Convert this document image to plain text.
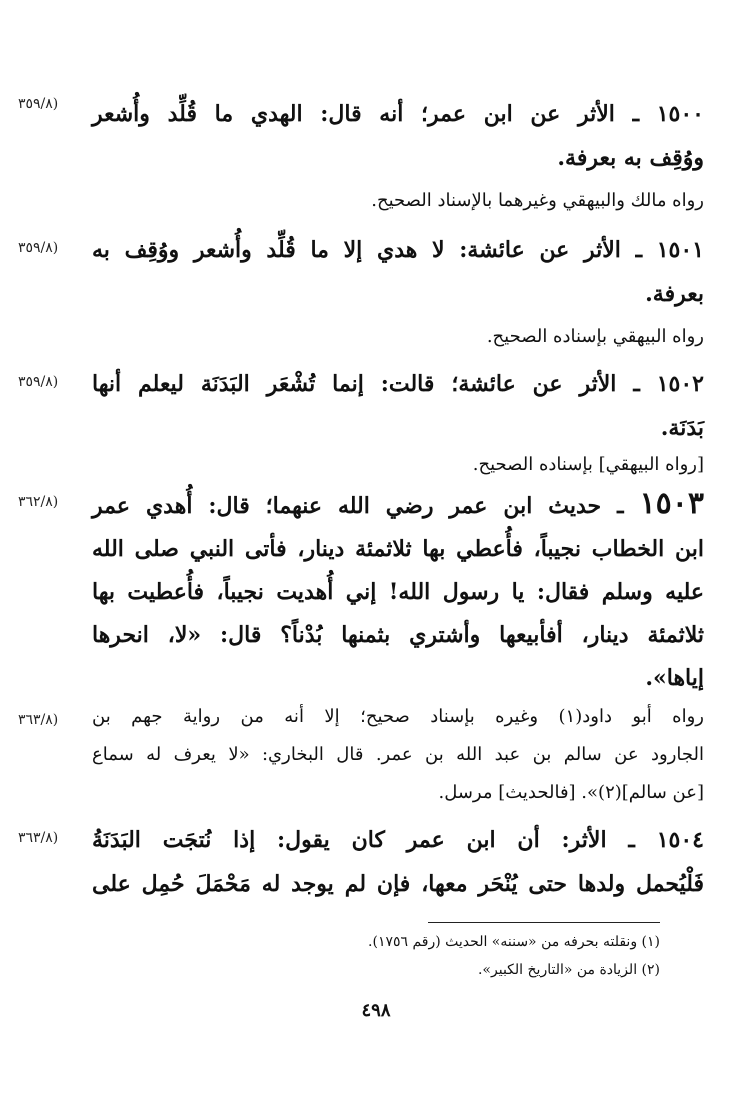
(٣٥٩/٨	١٥٠٠ ـ الأثر عن ابن عمر؛ أنه قال: الهدي ما قُلِّد وأُشعر
ووُقِف به بعرفة.
رواه مالك والبيهقي وغيرهما بالإسناد الصحيح.
(٣٥٩/٨	١٥٠١ ـ الأثر عن عائشة: لا هدي إلا ما قُلِّد وأُشعر ووُقِف به
بعرفة.
رواه البيهقي بإسناده الصحيح.
(٣٥٩/٨	١٥٠٢ ـ الأثر عن عائشة؛ قالت: إنما تُشْعَر البَدَنَة ليعلم أنها
بَدَنَة.
[رواه البيهقي] بإسناده الصحيح.
(٣٦٢/٨	١٥٠٣ ـ حديث ابن عمر رضي الله عنهما؛ قال: أُهدي عمر
ابن الخطاب نجيباً، فأُعطي بها ثلاثمئة دينار، فأتى النبي صلى الله
عليه وسلم فقال: يا رسول الله! إني أُهديت نجيباً، فأُعطيت بها
ثلاثمئة دينار، أفأبيعها وأشتري بثمنها بُدْناً؟ قال: «لا، انحرها
إياها».
(٣٦٣/٨	رواه أبو داود(١) وغيره بإسناد صحيح؛ إلا أنه من رواية جهم بن
الجارود عن سالم بن عبد الله بن عمر. قال البخاري: «لا يعرف له سماع
[عن سالم](٢)». [فالحديث] مرسل.
(٣٦٣/٨	١٥٠٤ ـ الأثر: أن ابن عمر كان يقول: إذا نُتجَت البَدَنَةُ
فَلْيُحمل ولدها حتى يُنْحَر معها، فإن لم يوجد له مَحْمَلَ حُمِل على
(١) ونقلته بحرفه من «سننه» الحديث (رقم ١٧٥٦).
(٢) الزيادة من «التاريخ الكبير».
٤٩٨
